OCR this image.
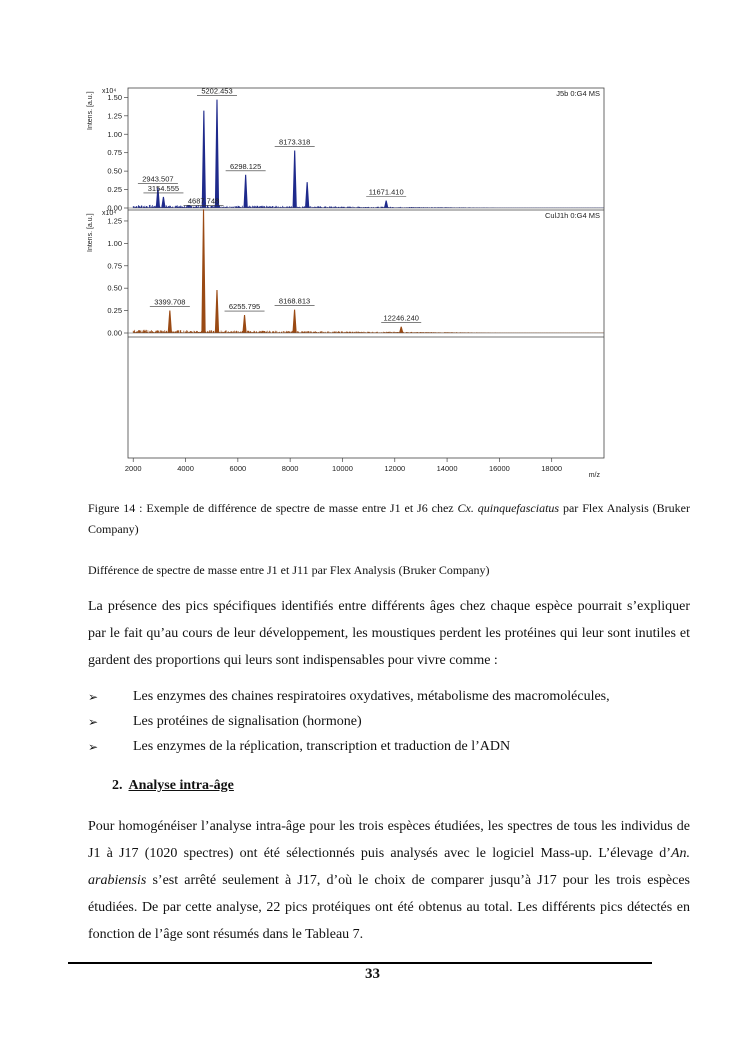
0.00
0.25
0.50
0.75
1.00
1.25
1.50
x10⁴
Intens. [a.u.]	J5b 0:G4 MS
2943.507
3154.555
5202.453
6298.125
8173.318
11671.410
0.00
0.25
0.50
0.75
1.00
1.25
x10⁴
Intens. [a.u.]	CulJ1h 0:G4 MS
3399.708
4687.748
6255.795
8168.813
12246.240
2000	4000	6000	8000	10000	12000	14000	16000	18000
m/z
Figure 14 : Exemple de différence de spectre de masse entre J1 et J6 chez Cx. quinquefasciatus par Flex Analysis (Bruker Company)
Différence de spectre de masse entre J1 et J11 par Flex Analysis (Bruker Company)
La présence des pics spécifiques identifiés entre différents âges chez chaque espèce pourrait s’expliquer par le fait qu’au cours de leur développement, les moustiques perdent les protéines qui leur sont inutiles et gardent des proportions qui leurs sont indispensables pour vivre comme :
➢	Les enzymes des chaines respiratoires oxydatives, métabolisme des macromolécules,
➢	Les protéines de signalisation (hormone)
➢	Les enzymes de la réplication, transcription et traduction de l’ADN
2. Analyse intra-âge
Pour homogénéiser l’analyse intra-âge pour les trois espèces étudiées, les spectres de tous les individus de J1 à J17 (1020 spectres) ont été sélectionnés puis analysés avec le logiciel Mass-up. L’élevage d’An. arabiensis s’est arrêté seulement à J17, d’où le choix de comparer jusqu’à J17 pour les trois espèces étudiées. De par cette analyse, 22 pics protéiques ont été obtenus au total. Les différents pics détectés en fonction de l’âge sont résumés dans le Tableau 7.
33
